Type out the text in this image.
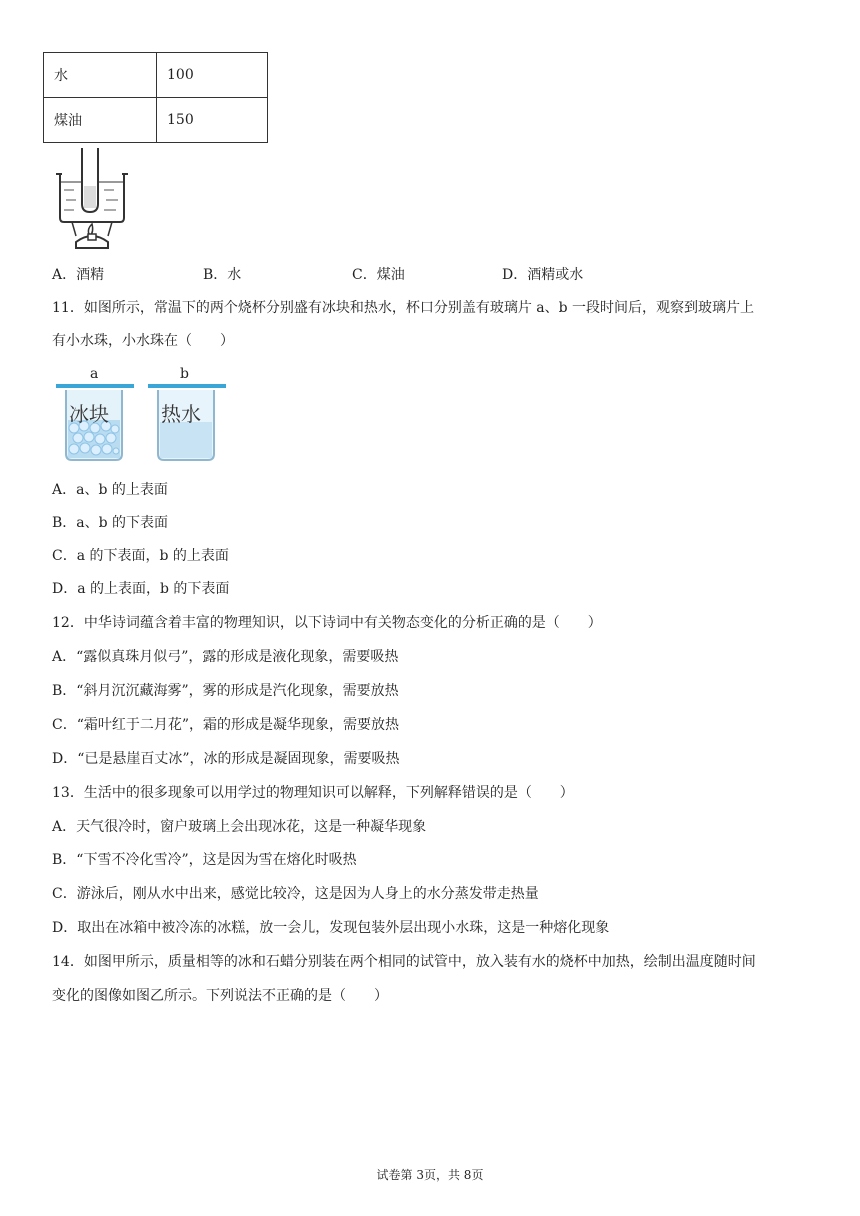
水	100
煤油	150
A．酒精	B．水	C．煤油	D．酒精或水
11．如图所示，常温下的两个烧杯分别盛有冰块和热水，杯口分别盖有玻璃片 a、b 一段时间后，观察到玻璃片上
有小水珠，小水珠在（　　）
a	b
冰块	热水
A．a、b 的上表面
B．a、b 的下表面
C．a 的下表面，b 的上表面
D．a 的上表面，b 的下表面
12．中华诗词蕴含着丰富的物理知识，以下诗词中有关物态变化的分析正确的是（　　）
A．“露似真珠月似弓”，露的形成是液化现象，需要吸热
B．“斜月沉沉藏海雾”，雾的形成是汽化现象，需要放热
C．“霜叶红于二月花”，霜的形成是凝华现象，需要放热
D．“已是悬崖百丈冰”，冰的形成是凝固现象，需要吸热
13．生活中的很多现象可以用学过的物理知识可以解释，下列解释错误的是（　　）
A．天气很冷时，窗户玻璃上会出现冰花，这是一种凝华现象
B．“下雪不冷化雪冷”，这是因为雪在熔化时吸热
C．游泳后，刚从水中出来，感觉比较冷，这是因为人身上的水分蒸发带走热量
D．取出在冰箱中被冷冻的冰糕，放一会儿，发现包装外层出现小水珠，这是一种熔化现象
14．如图甲所示，质量相等的冰和石蜡分别装在两个相同的试管中，放入装有水的烧杯中加热，绘制出温度随时间
变化的图像如图乙所示。下列说法不正确的是（　　）
试卷第 3页，共 8页
